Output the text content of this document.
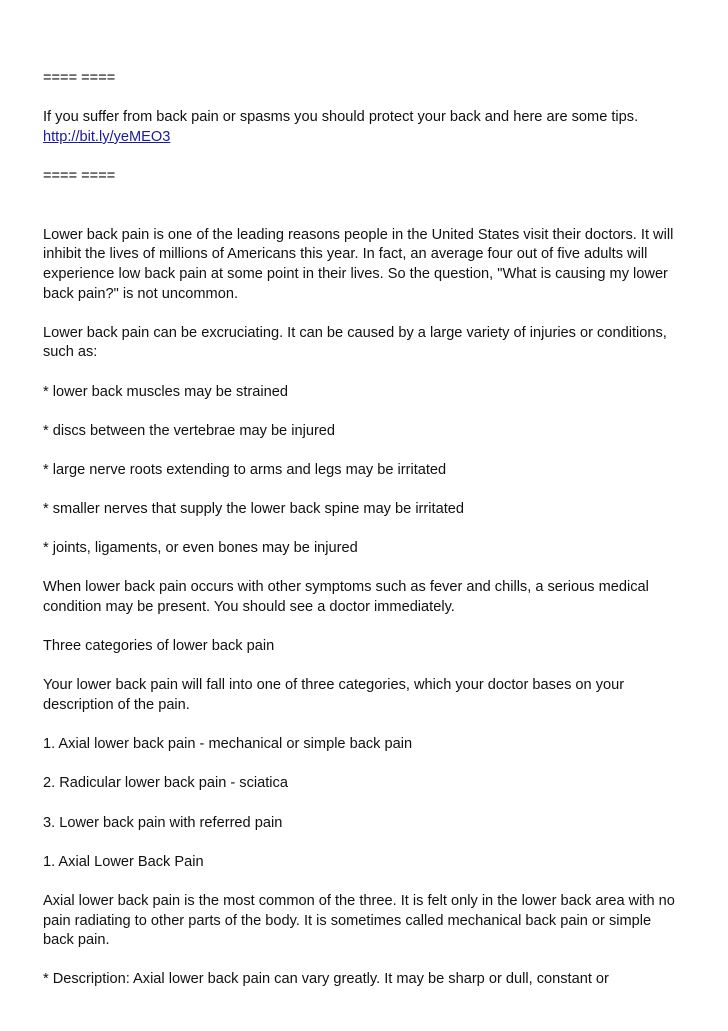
==== ====

If you suffer from back pain or spasms you should protect your back and here are some tips.

http://bit.ly/yeMEO3

==== ====

Lower back pain is one of the leading reasons people in the United States visit their doctors. It will
inhibit the lives of millions of Americans this year. In fact, an average four out of five adults will
experience low back pain at some point in their lives. So the question, "What is causing my lower
back pain?" is not uncommon.
Lower back pain can be excruciating. It can be caused by a large variety of injuries or conditions,
such as:

* lower back muscles may be strained

* discs between the vertebrae may be injured

* large nerve roots extending to arms and legs may be irritated

* smaller nerves that supply the lower back spine may be irritated

* joints, ligaments, or even bones may be injured

When lower back pain occurs with other symptoms such as fever and chills, a serious medical
condition may be present. You should see a doctor immediately.

Three categories of lower back pain

Your lower back pain will fall into one of three categories, which your doctor bases on your
description of the pain.

1. Axial lower back pain - mechanical or simple back pain

2. Radicular lower back pain - sciatica

3. Lower back pain with referred pain

1. Axial Lower Back Pain

Axial lower back pain is the most common of the three. It is felt only in the lower back area with no
pain radiating to other parts of the body. It is sometimes called mechanical back pain or simple
back pain.
* Description: Axial lower back pain can vary greatly. It may be sharp or dull, constant or
